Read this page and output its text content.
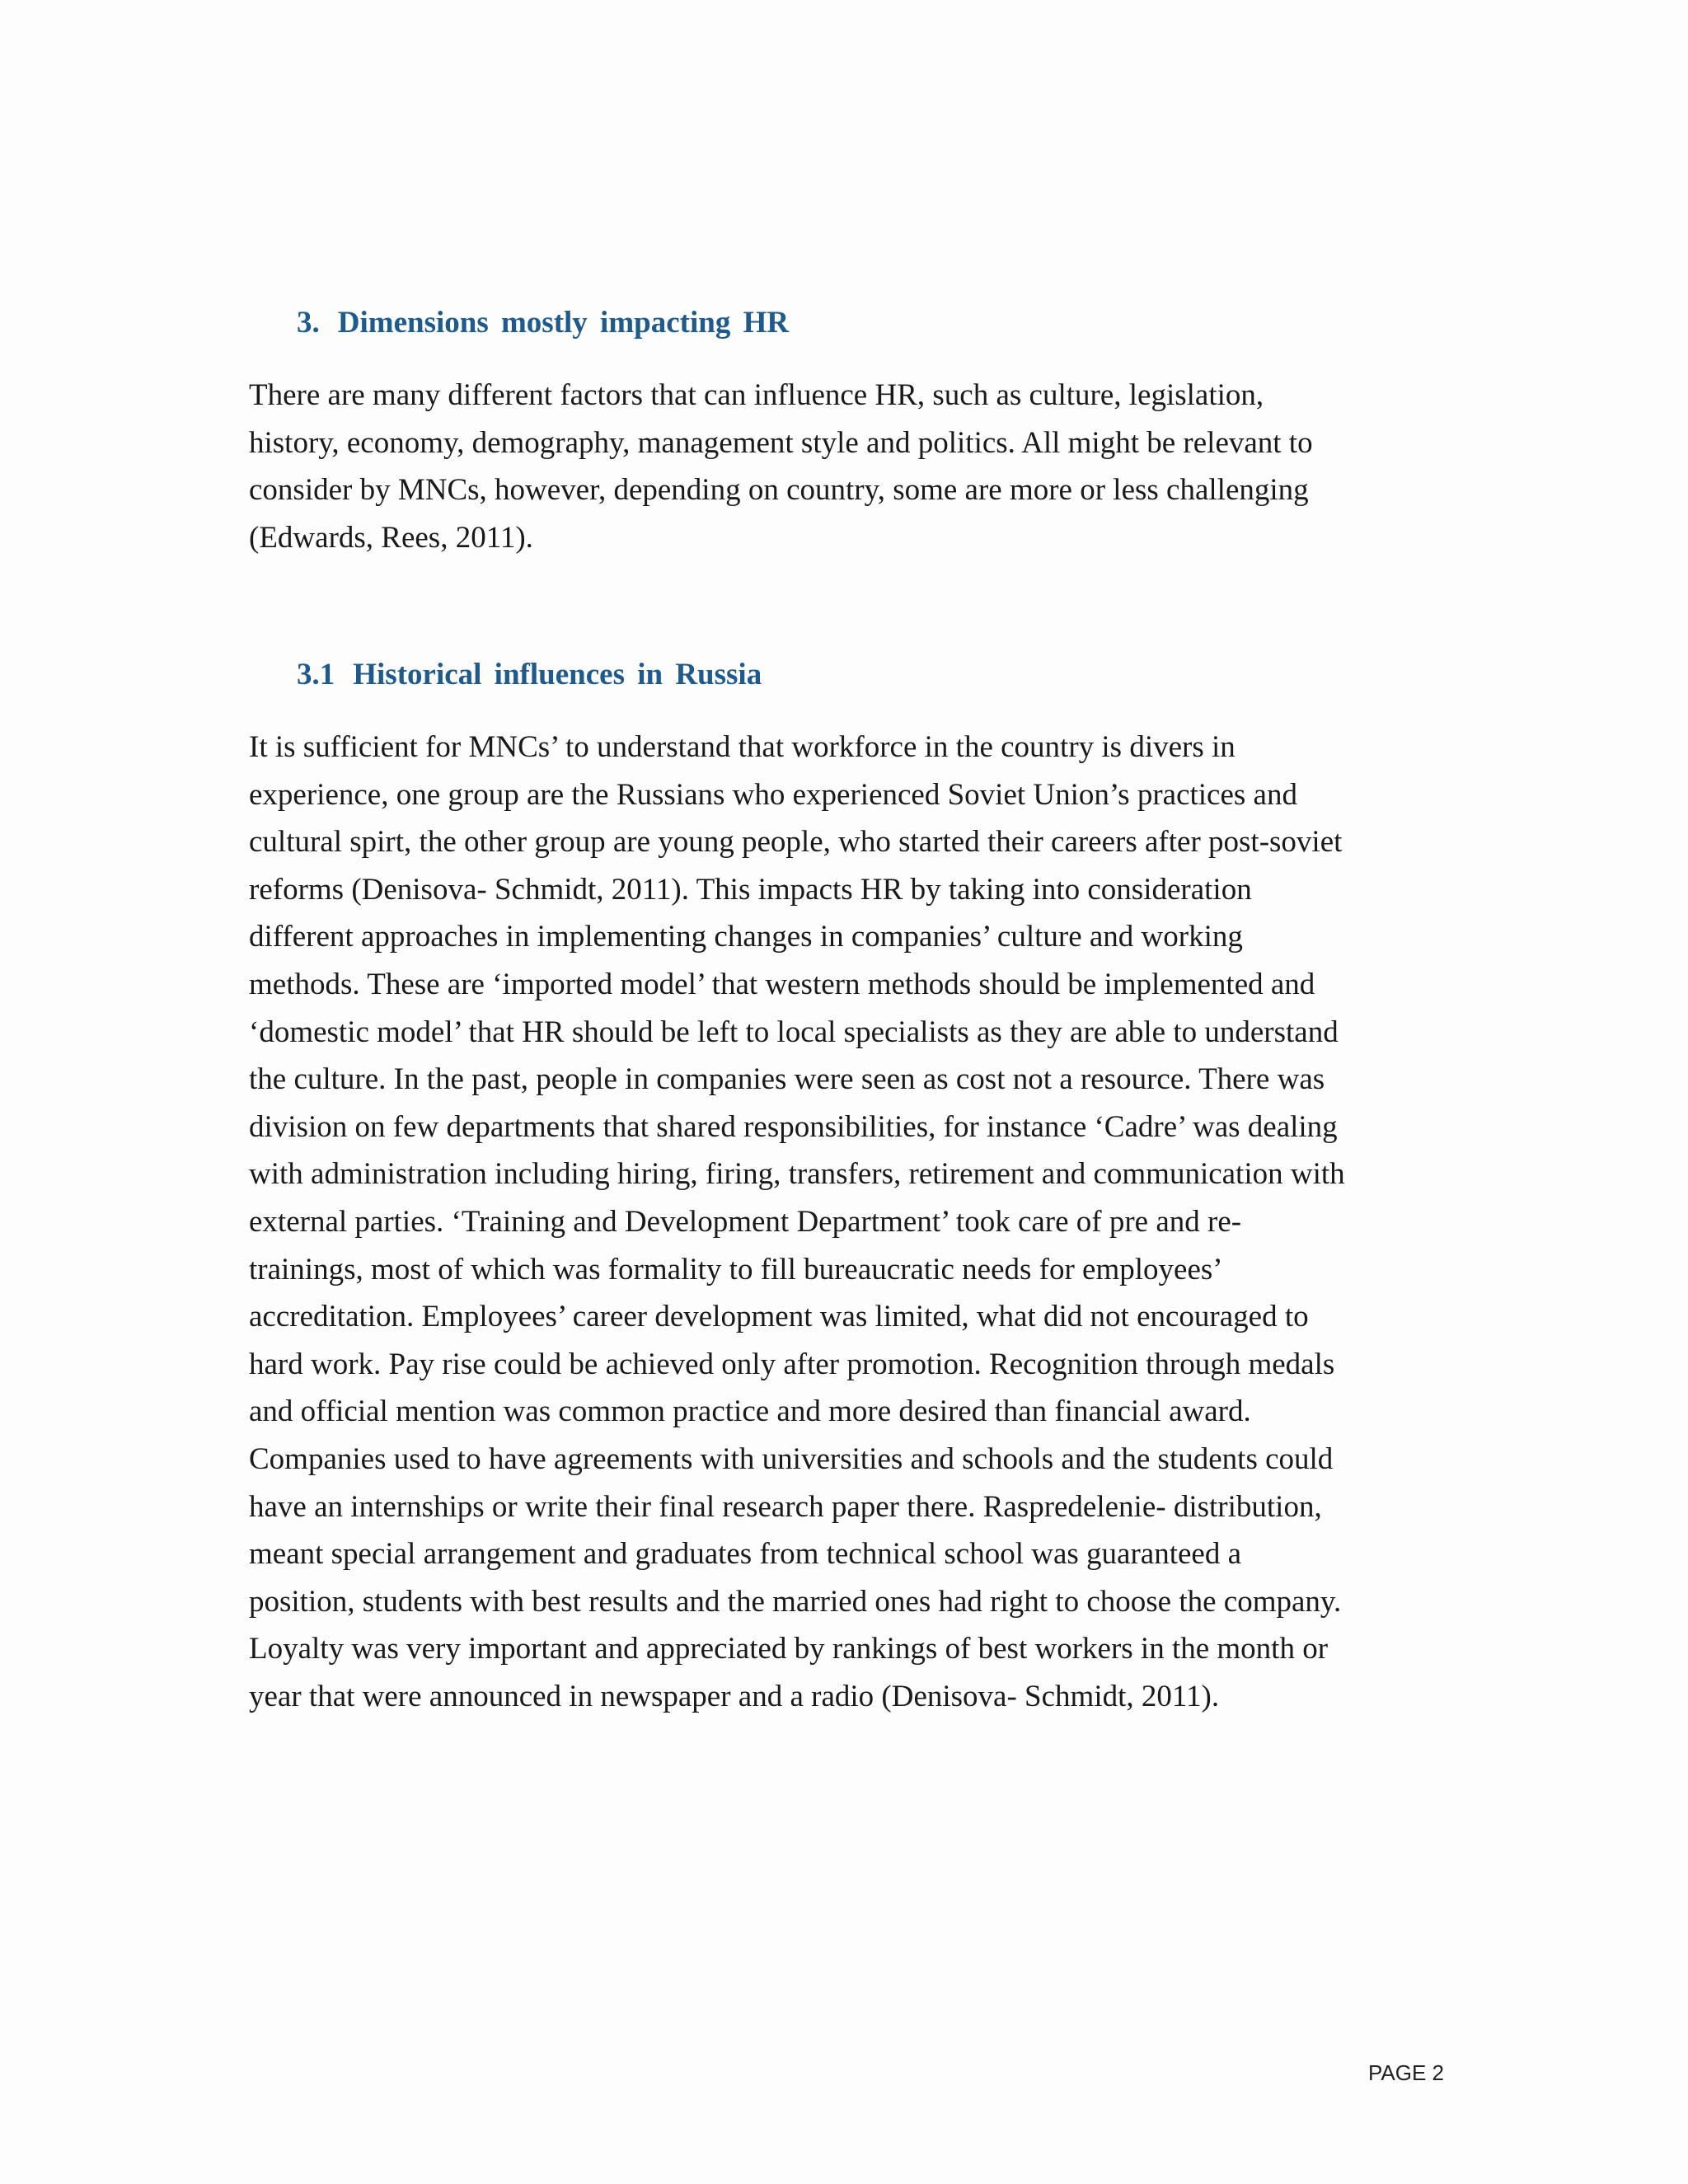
3. Dimensions mostly impacting HR

There are many different factors that can influence HR, such as culture, legislation,
history, economy, demography, management style and politics. All might be relevant to
consider by MNCs, however, depending on country, some are more or less challenging
(Edwards, Rees, 2011).

3.1 Historical influences in Russia

It is sufficient for MNCs’ to understand that workforce in the country is divers in
experience, one group are the Russians who experienced Soviet Union’s practices and
cultural spirt, the other group are young people, who started their careers after post-soviet
reforms (Denisova- Schmidt, 2011). This impacts HR by taking into consideration
different approaches in implementing changes in companies’ culture and working
methods. These are ‘imported model’ that western methods should be implemented and
‘domestic model’ that HR should be left to local specialists as they are able to understand
the culture. In the past, people in companies were seen as cost not a resource. There was
division on few departments that shared responsibilities, for instance ‘Cadre’ was dealing
with administration including hiring, firing, transfers, retirement and communication with
external parties. ‘Training and Development Department’ took care of pre and re-
trainings, most of which was formality to fill bureaucratic needs for employees’
accreditation. Employees’ career development was limited, what did not encouraged to
hard work. Pay rise could be achieved only after promotion. Recognition through medals
and official mention was common practice and more desired than financial award.
Companies used to have agreements with universities and schools and the students could
have an internships or write their final research paper there. Raspredelenie- distribution,
meant special arrangement and graduates from technical school was guaranteed a
position, students with best results and the married ones had right to choose the company.
Loyalty was very important and appreciated by rankings of best workers in the month or
year that were announced in newspaper and a radio (Denisova- Schmidt, 2011).

PAGE 2
